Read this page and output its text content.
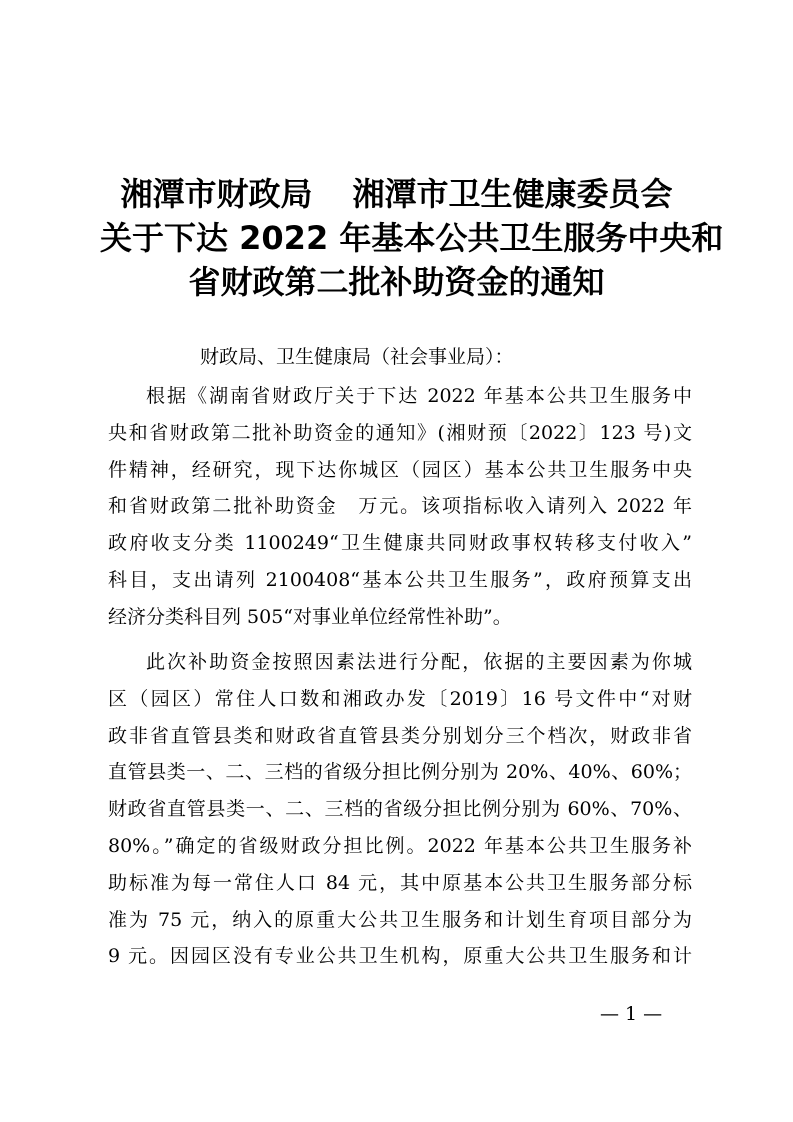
湘潭市财政局 湘潭市卫生健康委员会
关于下达 2022 年基本公共卫生服务中央和
省财政第二批补助资金的通知
财政局、卫生健康局（社会事业局）：
根据《湖南省财政厅关于下达 2022 年基本公共卫生服务中
央和省财政第二批补助资金的通知》(湘财预〔2022〕123 号)文
件精神，经研究，现下达你城区（园区）基本公共卫生服务中央
和省财政第二批补助资金　万元。该项指标收入请列入 2022 年
政府收支分类 1100249“卫生健康共同财政事权转移支付收入”
科目，支出请列 2100408“基本公共卫生服务”，政府预算支出
经济分类科目列 505“对事业单位经常性补助”。
此次补助资金按照因素法进行分配，依据的主要因素为你城
区（园区）常住人口数和湘政办发〔2019〕16 号文件中“对财
政非省直管县类和财政省直管县类分别划分三个档次，财政非省
直管县类一、二、三档的省级分担比例分别为 20%、40%、60%；
财政省直管县类一、二、三档的省级分担比例分别为 60%、70%、
80%。”确定的省级财政分担比例。2022 年基本公共卫生服务补
助标准为每一常住人口 84 元，其中原基本公共卫生服务部分标
准为 75 元，纳入的原重大公共卫生服务和计划生育项目部分为
9 元。因园区没有专业公共卫生机构，原重大公共卫生服务和计
— 1 —
